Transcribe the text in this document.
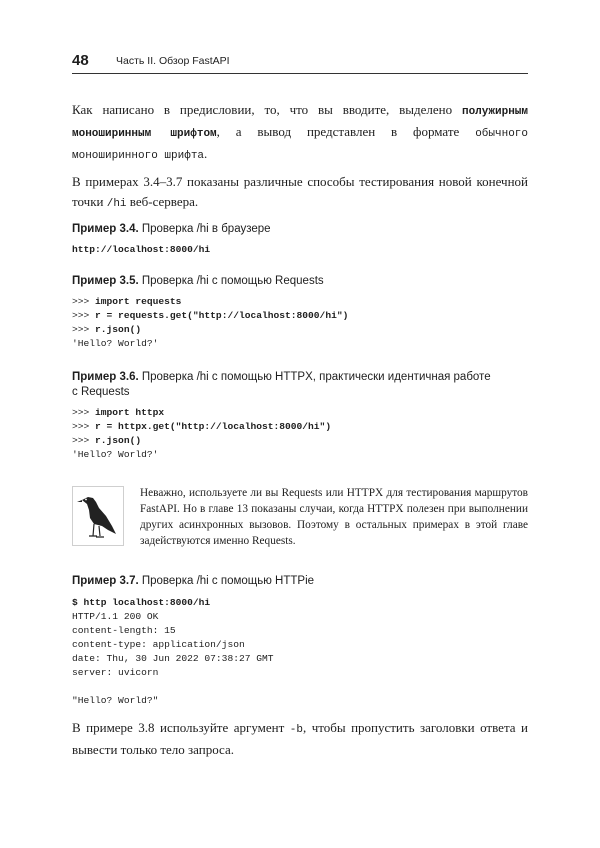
48	Часть II. Обзор FastAPI
Как написано в предисловии, то, что вы вводите, выделено полужирным моноширинным шрифтом, а вывод представлен в формате обычного моноширинного шрифта.
В примерах 3.4–3.7 показаны различные способы тестирования новой конечной точки /hi веб-сервера.
Пример 3.4. Проверка /hi в браузере
http://localhost:8000/hi
Пример 3.5. Проверка /hi с помощью Requests
>>> import requests
>>> r = requests.get("http://localhost:8000/hi")
>>> r.json()
'Hello? World?'
Пример 3.6. Проверка /hi с помощью HTTPX, практически идентичная работе
с Requests
>>> import httpx
>>> r = httpx.get("http://localhost:8000/hi")
>>> r.json()
'Hello? World?'
Неважно, используете ли вы Requests или HTTPX для тестирования маршрутов FastAPI. Но в главе 13 показаны случаи, когда HTTPX полезен при выполнении других асинхронных вызовов. Поэтому в остальных примерах в этой главе задействуются именно Requests.
Пример 3.7. Проверка /hi с помощью HTTPie
$ http localhost:8000/hi
HTTP/1.1 200 OK
content-length: 15
content-type: application/json
date: Thu, 30 Jun 2022 07:38:27 GMT
server: uvicorn
"Hello? World?"
В примере 3.8 используйте аргумент -b, чтобы пропустить заголовки ответа и вывести только тело запроса.
